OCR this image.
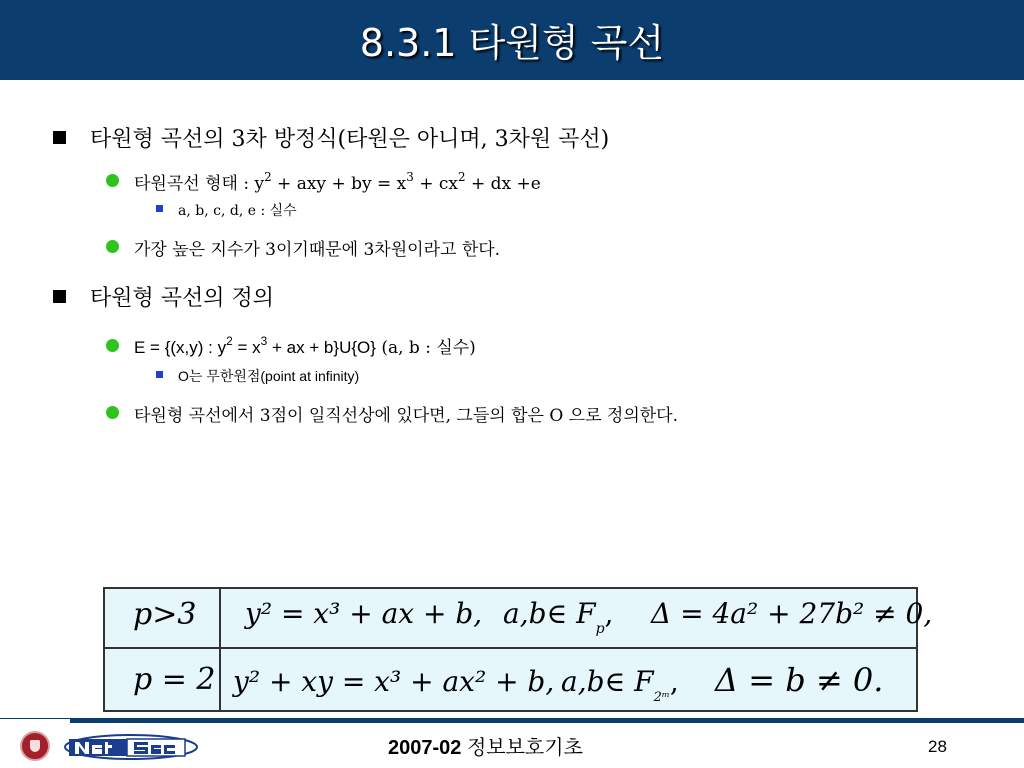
8.3.1 타원형 곡선
타원형 곡선의 3차 방정식(타원은 아니며, 3차원 곡선)
타원곡선 형태 : $y^2$ + axy + by = $x^3 + cx^2$ + dx +e
a, b, c, d, e : 실수
가장 높은 지수가 3이기때문에 3차원이라고 한다.
타원형 곡선의 정의
E = {(x,y) : $y^2 = x^3$ + ax + b}U{O} (a, b : 실수)
O는 무한원점(point at infinity)
타원형 곡선에서 3점이 일직선상에 있다면, 그들의 합은 O 으로 정의한다.
p>3 y² = x³ + ax + b, a,b∈ $F_p$, Δ = 4a² + 27b² ≠ 0,
p = 2 y² + xy = x³ + ax² + b, a,b∈ $F_{2ᵐ}$, Δ = b ≠ 0.
2007-02 정보보호기초	28
